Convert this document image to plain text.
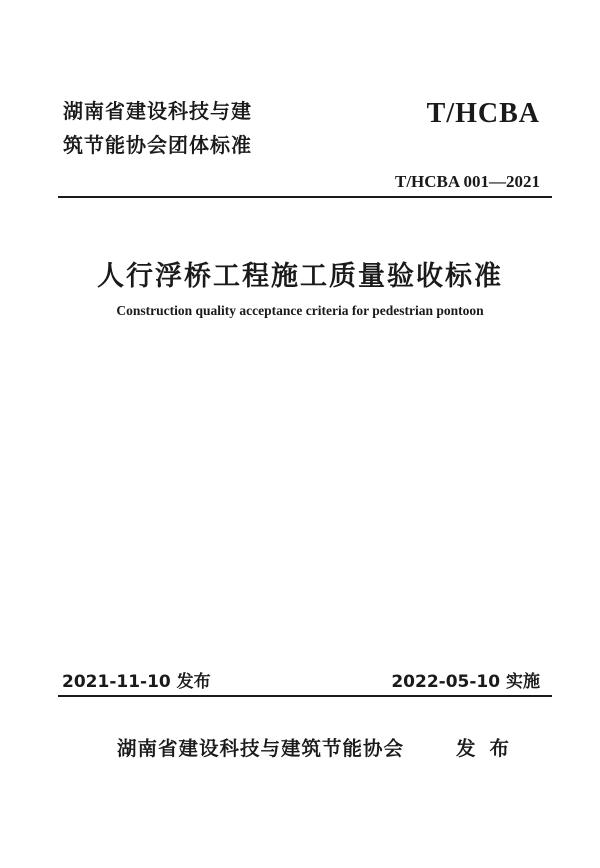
湖南省建设科技与建
筑节能协会团体标准
T/HCBA
T/HCBA 001—2021
人行浮桥工程施工质量验收标准
Construction quality acceptance criteria for pedestrian pontoon
2021-11-10 发布	2022-05-10 实施
湖南省建设科技与建筑节能协会	发布
